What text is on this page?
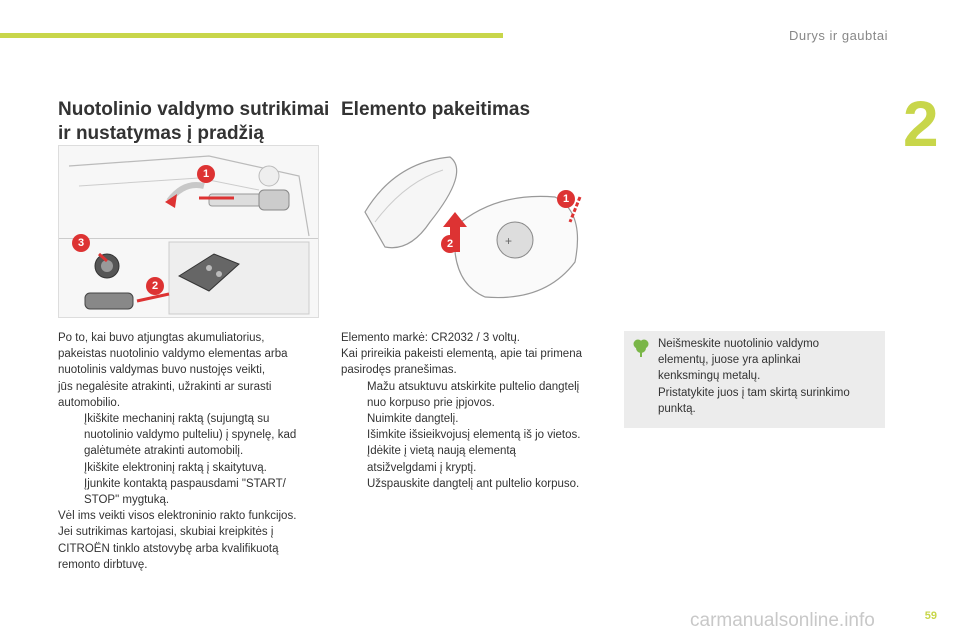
Durys ir gaubtai
2
Nuotolinio valdymo sutrikimai
ir nustatymas į pradžią
Elemento pakeitimas
1
2
3	+
1
2

Po to, kai buvo atjungtas akumuliatorius,

pakeistas nuotolinio valdymo elementas arba

nuotolinis valdymas buvo nustojęs veikti,

jūs negalėsite atrakinti, užrakinti ar surasti

automobilio.

Įkiškite mechaninį raktą (sujungtą su

nuotolinio valdymo pulteliu) į spynelę, kad

galėtumėte atrakinti automobilį.

Įkiškite elektroninį raktą į skaitytuvą.

Įjunkite kontaktą paspausdami "START/

STOP" mygtuką.

Vėl ims veikti visos elektroninio rakto funkcijos.

Jei sutrikimas kartojasi, skubiai kreipkitės į

CITROËN tinklo atstovybę arba kvalifikuotą

remonto dirbtuvę.

Elemento markė: CR2032 / 3 voltų.

Kai prireikia pakeisti elementą, apie tai primena

pasirodęs pranešimas.

Mažu atsuktuvu atskirkite pultelio dangtelį

nuo korpuso prie įpjovos.

Nuimkite dangtelį.

Išimkite išsieikvojusį elementą iš jo vietos.

Įdėkite į vietą naują elementą

atsižvelgdami į kryptį.

Užspauskite dangtelį ant pultelio korpuso.

Neišmeskite nuotolinio valdymo
elementų, juose yra aplinkai
kenksmingų metalų.
Pristatykite juos į tam skirtą surinkimo
punktą.
carmanualsonline.info	59
